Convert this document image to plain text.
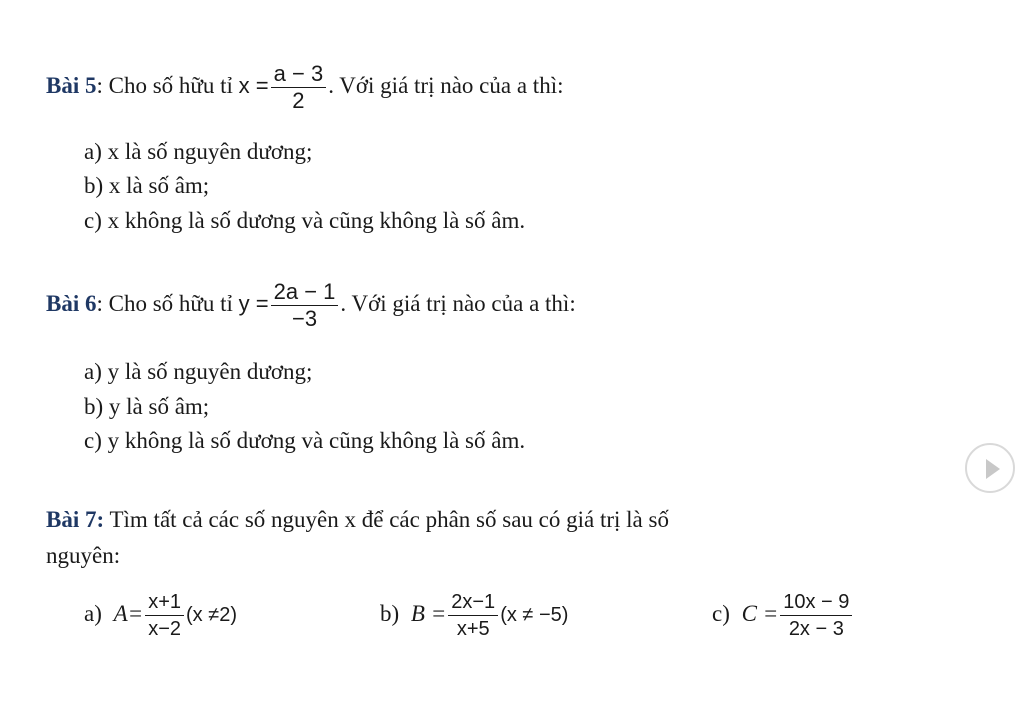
Bài 5: Cho số hữu tỉ $x = \frac{a - 3}{2}$ . Với giá trị nào của a thì:
a) x là số nguyên dương;
b) x là số âm;
c) x không là số dương và cũng không là số âm.
Bài 6: Cho số hữu tỉ $y = \frac{2a - 1}{-3}$ . Với giá trị nào của a thì:
a) y là số nguyên dương;
b) y là số âm;
c) y không là số dương và cũng không là số âm.
Bài 7: Tìm tất cả các số nguyên x để các phân số sau có giá trị là số
nguyên:
a) $A= \frac{x+1}{x-2} (x \ne 2)$	b) $B = \frac{2x-1}{x+5} (x \ne -5)$	c) $C = \frac{10x - 9}{2x - 3}$
